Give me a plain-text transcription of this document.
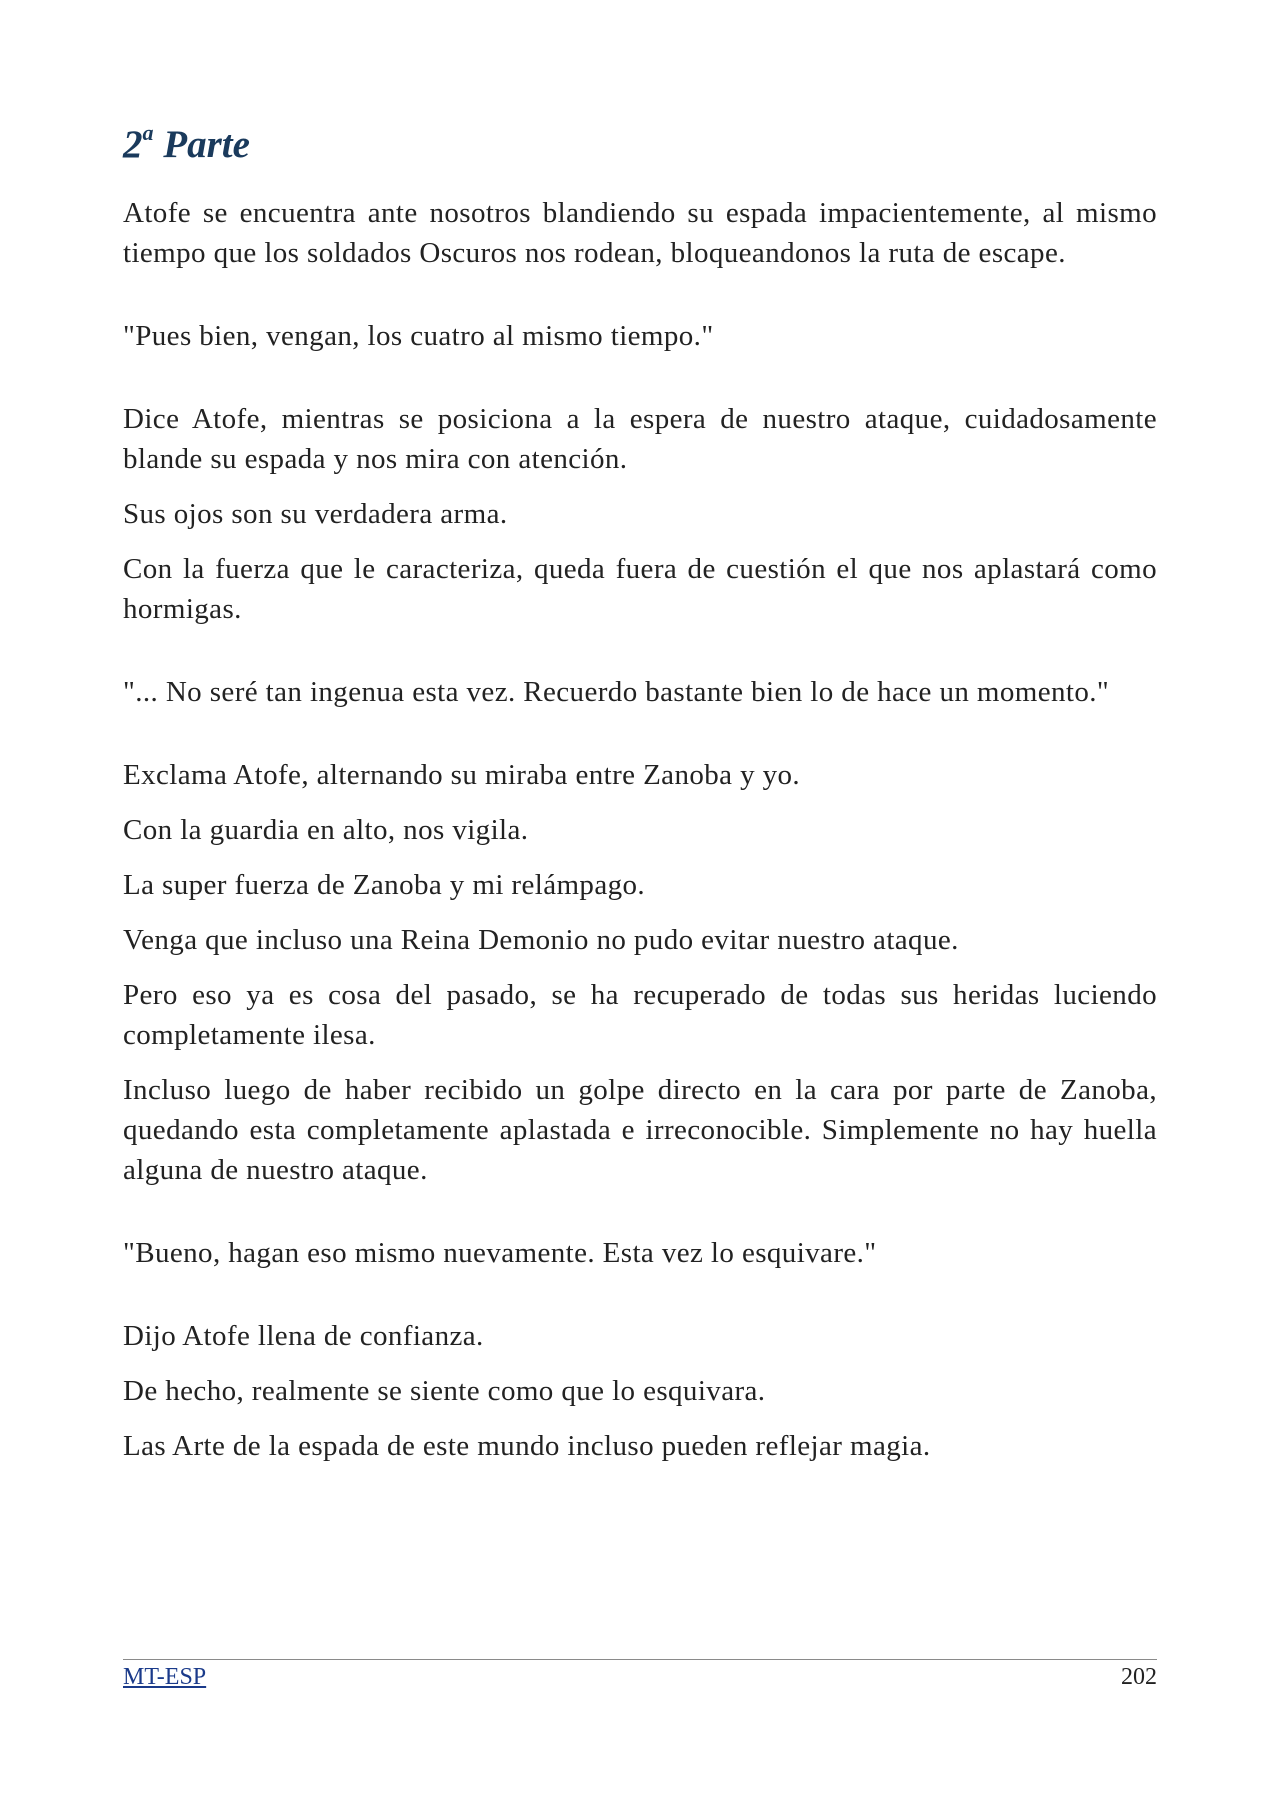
2$^a$ Parte

Atofe se encuentra ante nosotros blandiendo su espada impacientemente, al mismo tiempo que los soldados Oscuros nos rodean, bloqueandonos la ruta de escape.

"Pues bien, vengan, los cuatro al mismo tiempo."

Dice Atofe, mientras se posiciona a la espera de nuestro ataque, cuidadosamente blande su espada y nos mira con atención.

Sus ojos son su verdadera arma.

Con la fuerza que le caracteriza, queda fuera de cuestión el que nos aplastará como hormigas.

"... No seré tan ingenua esta vez. Recuerdo bastante bien lo de hace un momento."

Exclama Atofe, alternando su miraba entre Zanoba y yo.

Con la guardia en alto, nos vigila.

La super fuerza de Zanoba y mi relámpago.

Venga que incluso una Reina Demonio no pudo evitar nuestro ataque.

Pero eso ya es cosa del pasado, se ha recuperado de todas sus heridas luciendo completamente ilesa.

Incluso luego de haber recibido un golpe directo en la cara por parte de Zanoba, quedando esta completamente aplastada e irreconocible. Simplemente no hay huella alguna de nuestro ataque.

"Bueno, hagan eso mismo nuevamente. Esta vez lo esquivare."

Dijo Atofe llena de confianza.

De hecho, realmente se siente como que lo esquivara.

Las Arte de la espada de este mundo incluso pueden reflejar magia.

MT-ESP	202
